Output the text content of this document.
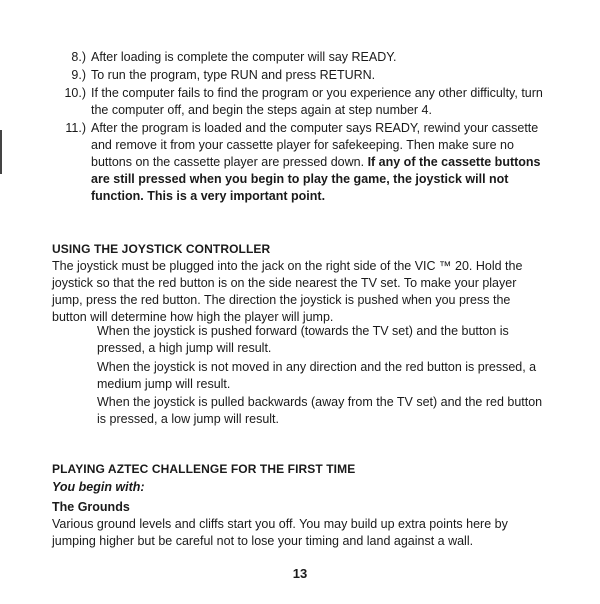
8.) After loading is complete the computer will say READY.
9.) To run the program, type RUN and press RETURN.
10.) If the computer fails to find the program or you experience any other difficulty, turn the computer off, and begin the steps again at step number 4.
11.) After the program is loaded and the computer says READY, rewind your cassette and remove it from your cassette player for safekeeping. Then make sure no buttons on the cassette player are pressed down. If any of the cassette buttons are still pressed when you begin to play the game, the joystick will not function. This is a very important point.
USING THE JOYSTICK CONTROLLER

The joystick must be plugged into the jack on the right side of the VIC ™ 20. Hold the joystick so that the red button is on the side nearest the TV set. To make your player jump, press the red button. The direction the joystick is pushed when you press the button will determine how high the player will jump.

When the joystick is pushed forward (towards the TV set) and the button is pressed, a high jump will result.

When the joystick is not moved in any direction and the red button is pressed, a medium jump will result.

When the joystick is pulled backwards (away from the TV set) and the red button is pressed, a low jump will result.

PLAYING AZTEC CHALLENGE FOR THE FIRST TIME
You begin with:
The Grounds

Various ground levels and cliffs start you off. You may build up extra points here by jumping higher but be careful not to lose your timing and land against a wall.

13
